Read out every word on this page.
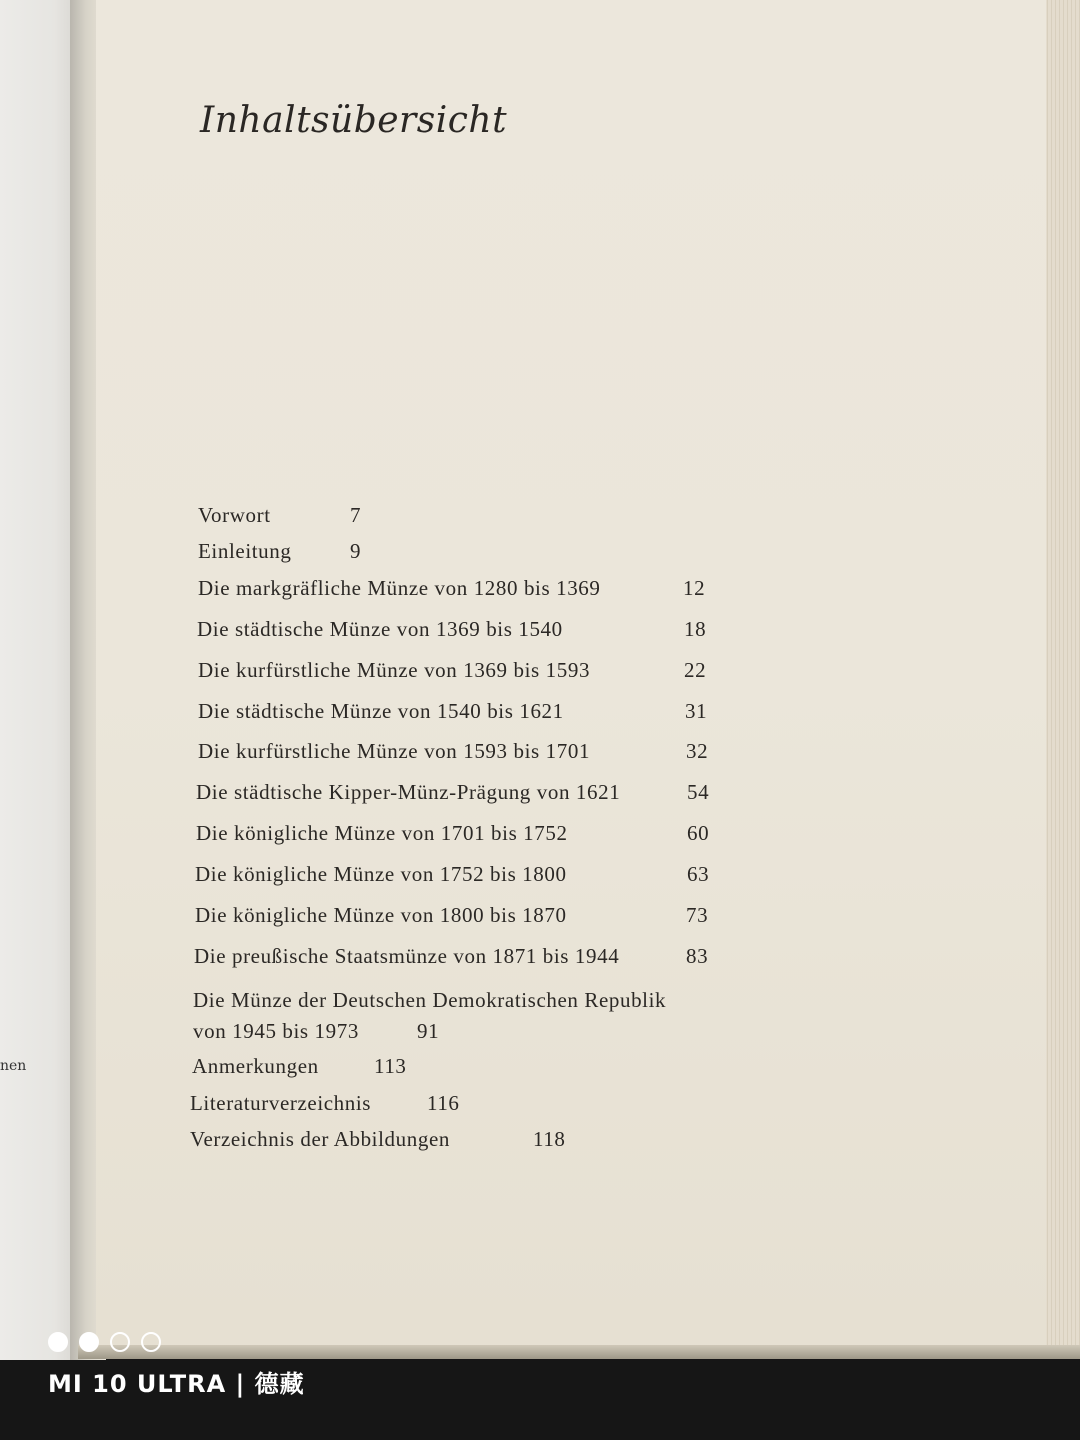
nen
Inhaltsübersicht
Vorwort	7
Einleitung	9
Die markgräfliche Münze von 1280 bis 1369	12
Die städtische Münze von 1369 bis 1540	18
Die kurfürstliche Münze von 1369 bis 1593	22
Die städtische Münze von 1540 bis 1621	31
Die kurfürstliche Münze von 1593 bis 1701	32
Die städtische Kipper-Münz-Prägung von 1621	54
Die königliche Münze von 1701 bis 1752	60
Die königliche Münze von 1752 bis 1800	63
Die königliche Münze von 1800 bis 1870	73
Die preußische Staatsmünze von 1871 bis 1944	83
Die Münze der Deutschen Demokratischen Republik
von 1945 bis 1973	91
Anmerkungen	113
Literaturverzeichnis	116
Verzeichnis der Abbildungen	118
MI 10 ULTRA | 德藏
